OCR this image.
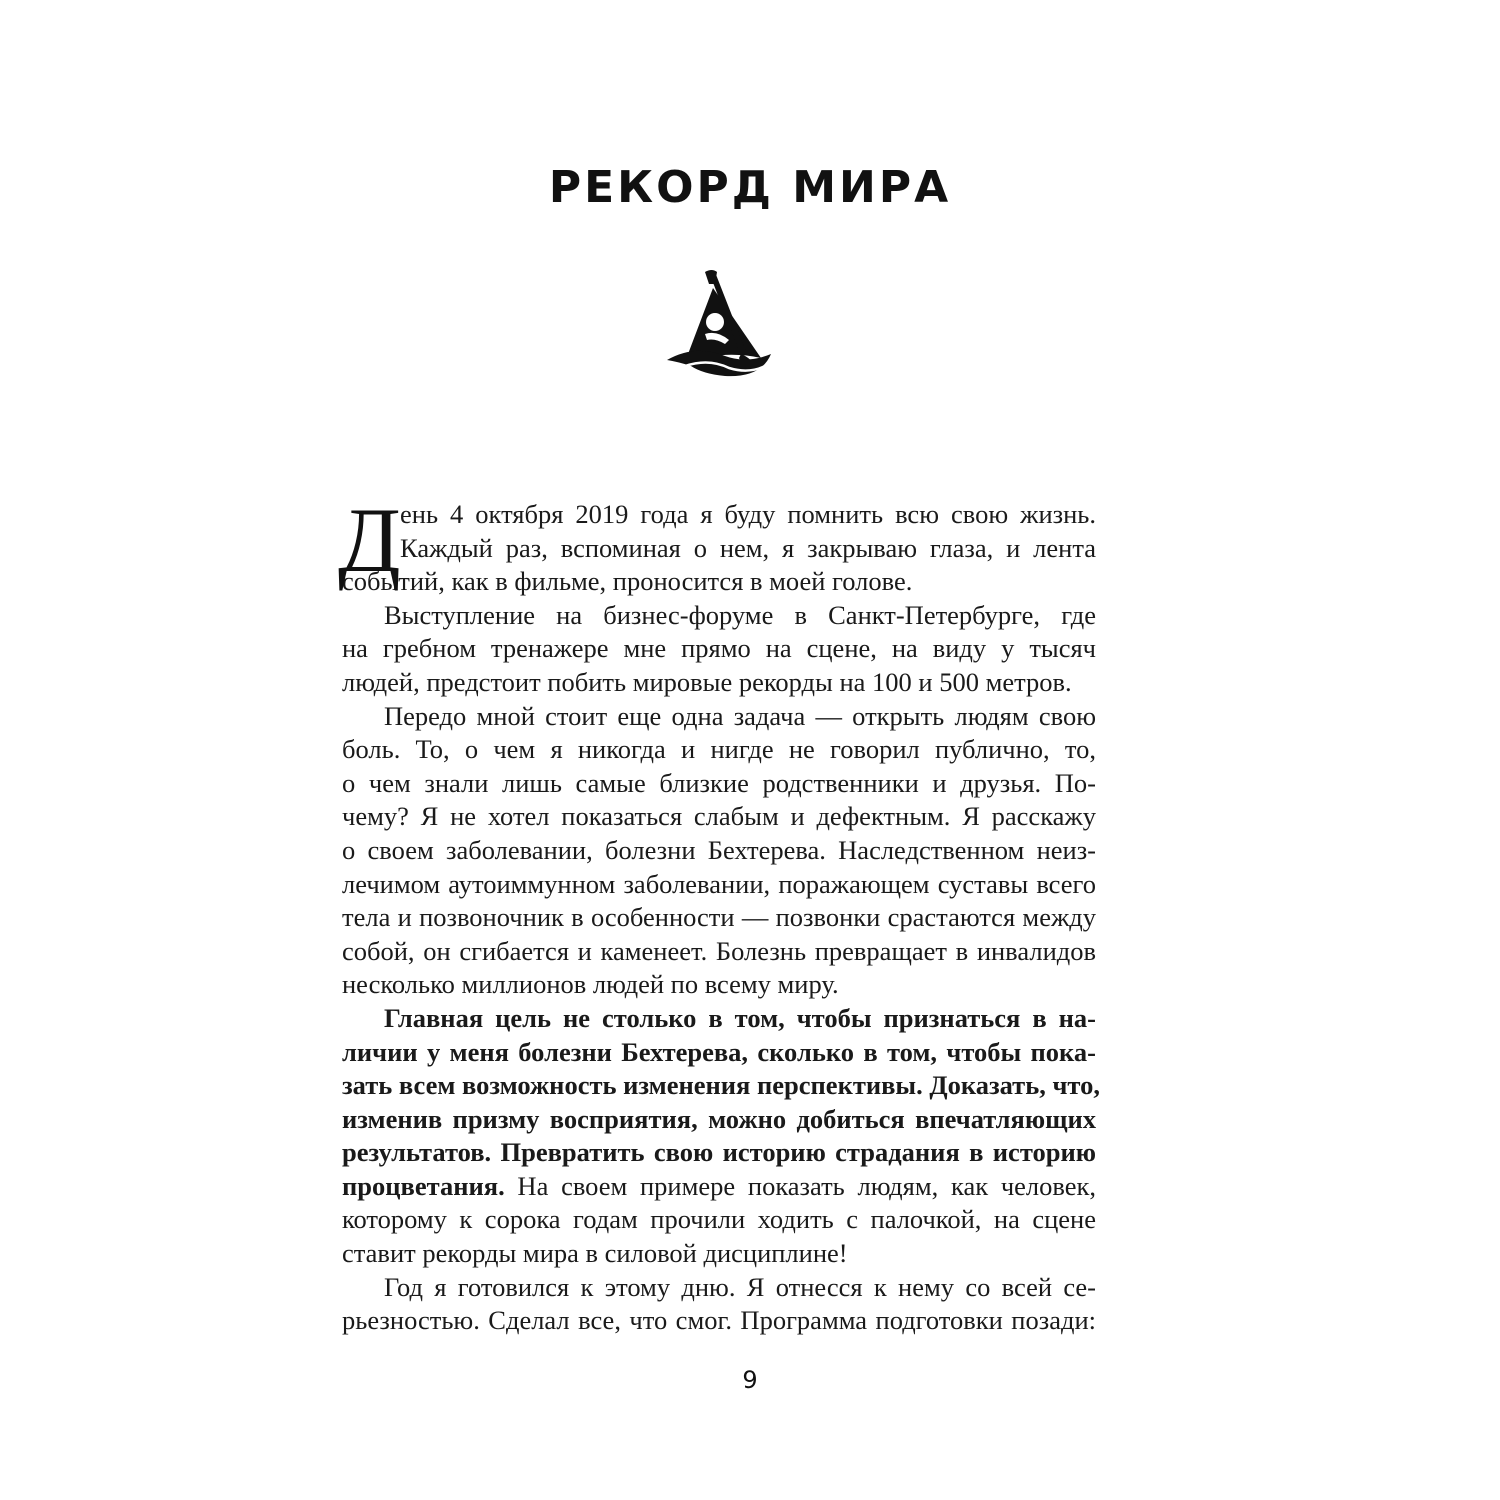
РЕКОРД МИРА
Д ень 4 октября 2019 года я буду помнить всю свою жизнь.
Каждый раз, вспоминая о нем, я закрываю глаза, и лента
событий, как в фильме, проносится в моей голове.
Выступление на бизнес-форуме в Санкт-Петербурге, где
на гребном тренажере мне прямо на сцене, на виду у тысяч
людей, предстоит побить мировые рекорды на 100 и 500 метров.
Передо мной стоит еще одна задача — открыть людям свою
боль. То, о чем я никогда и нигде не говорил публично, то,
о чем знали лишь самые близкие родственники и друзья. По-
чему? Я не хотел показаться слабым и дефектным. Я расскажу
о своем заболевании, болезни Бехтерева. Наследственном неиз-
лечимом аутоиммунном заболевании, поражающем суставы всего
тела и позвоночник в особенности — позвонки срастаются между
собой, он сгибается и каменеет. Болезнь превращает в инвалидов
несколько миллионов людей по всему миру.
Главная цель не столько в том, чтобы признаться в на-
личии у меня болезни Бехтерева, сколько в том, чтобы пока-
зать всем возможность изменения перспективы. Доказать, что,
изменив призму восприятия, можно добиться впечатляющих
результатов. Превратить свою историю страдания в историю
процветания. На своем примере показать людям, как человек,
которому к сорока годам прочили ходить с палочкой, на сцене
ставит рекорды мира в силовой дисциплине!
Год я готовился к этому дню. Я отнесся к нему со всей се-
рьезностью. Сделал все, что смог. Программа подготовки позади:
9
